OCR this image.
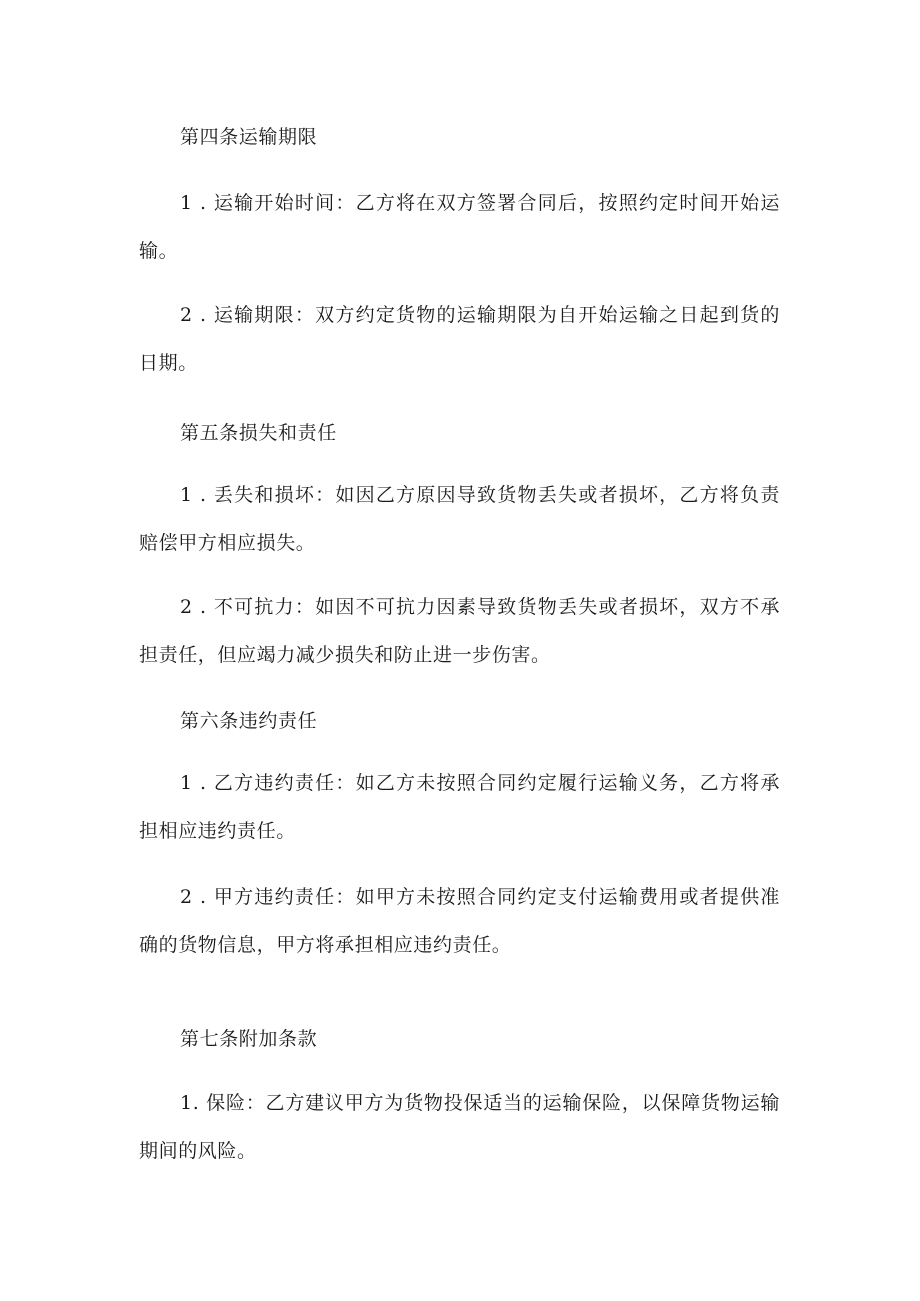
第四条运输期限
1 . 运输开始时间：乙方将在双方签署合同后，按照约定时间开始运
输。
2 . 运输期限：双方约定货物的运输期限为自开始运输之日起到货的
日期。
第五条损失和责任
1 . 丢失和损坏：如因乙方原因导致货物丢失或者损坏，乙方将负责
赔偿甲方相应损失。
2 . 不可抗力：如因不可抗力因素导致货物丢失或者损坏，双方不承
担责任，但应竭力减少损失和防止进一步伤害。
第六条违约责任
1 . 乙方违约责任：如乙方未按照合同约定履行运输义务，乙方将承
担相应违约责任。
2 . 甲方违约责任：如甲方未按照合同约定支付运输费用或者提供准
确的货物信息，甲方将承担相应违约责任。
第七条附加条款
1. 保险：乙方建议甲方为货物投保适当的运输保险，以保障货物运输
期间的风险。
